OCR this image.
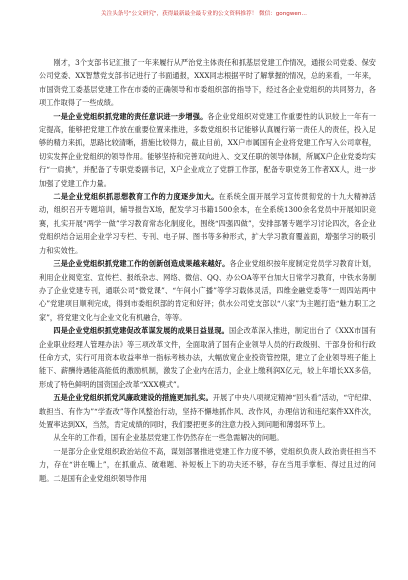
关注头条号"公文研究"，获得最新最全最专业的公文资料推荐！ 微信：gongwen…

刚才，3个支部书记汇报了一年来履行从严治党主体责任和抓基层党建工作情况，通报公司党委、保安公司党委、XX智慧党支部书记进行了书面通报，XXX同志根据平时了解掌握的情况，总的来看，一年来，市国资党工委基层党建工作在市委的正确领导和市委组织部的指导下，经过各企业党组织的共同努力，各项工作取得了一些成绩。

一是企业党组织抓党建的责任意识进一步增强。各企业党组织对党建工作重要性的认识较上一年有一定提高，能够把党建工作放在重要位置来推进，多数党组织书记能够认真履行第一责任人的责任，投入足够的精力来抓，思路比较清晰，措施比较得力，截止目前，XX户市属国有企业将党建工作写入公司章程，切实发挥企业党组织的领导作用。能够坚持和完善双向进入、交叉任职的领导体制，所属X户企业党委均实行“一肩挑”，并配备了专职党委副书记，X户企业成立了党群工作部，配备专职党务工作者XX人，进一步加强了党建工作力量。

二是企业党组织抓思想教育工作的力度逐步加大。在系统全面开展学习宣传贯彻党的十九大精神活动，组织召开专题培训，辅导报告X场，配发学习书籍1500余本，在全系统1300余名党员中开展知识竞赛，扎实开展“两学一做”学习教育常态化制度化，围绕“四强四做”，安排部署专题学习讨论四次，各企业党组织结合运用企业学习专栏、专刊、电子屏、图书等多种形式，扩大学习教育覆盖面，增强学习的吸引力和实效性。

三是企业党组织抓党建工作的创新创造成果越来越好。各企业党组织按年度制定党员学习教育计划，利用企业阅览室、宣传栏、报纸杂志、网络、微信、QQ、办公OA等平台加大日常学习教育，中铁水务制办了企业党建专刊，通联公司“微党课”、“午间小广播”等学习载体灵活，四维金融党委等“一周四站两中心”党建项目顺利完成，得到市委组织部的肯定和好评；供水公司党支部以“八家”为主题打造“魅力职工之家”，将党建文化与企业文化有机融合，等等。

四是企业党组织抓党建促改革谋发展的成果日益显现。国企改革深入推进，制定出台了《XXX市国有企业职业经理人管理办法》等三项改革文件，全面取消了国有企业领导人员的行政级别、干部身份和行政任命方式，实行可用资本收益率单一指标考核办法，大幅放宽企业投资管控限，建立了企业领导班子能上能下、薪酬待遇能高能低的激励机制，激发了企业内在活力，企业上缴利润X亿元，较上年增长XX多倍，形成了特色鲜明的国资国企改革“XXX模式”。

五是企业党组织抓党风廉政建设的措施更加扎实。开展了中央八项规定精神“回头看”活动，“守纪律、敢担当、有作为”“学查改”等作风整治行动，坚持不懈地抓作风、改作风，办理信访和违纪案件XX件次，处置率达到XX，当然，肯定成绩的同时，我们要把更多的注意力投入到问题和薄弱环节上。

从全年的工作看，国有企业基层党建工作仍然存在一些急需解决的问题。

一是部分企业党组织政治站位不高，谋划部署推进党建工作力度不够，党组织负责人政治责任担当不力，存在“讲在嘴上”，在抓重点、破难题、补短板上下的功夫还不够，存在当甩手掌柜、得过且过的问题。二是国有企业党组织领导作用
